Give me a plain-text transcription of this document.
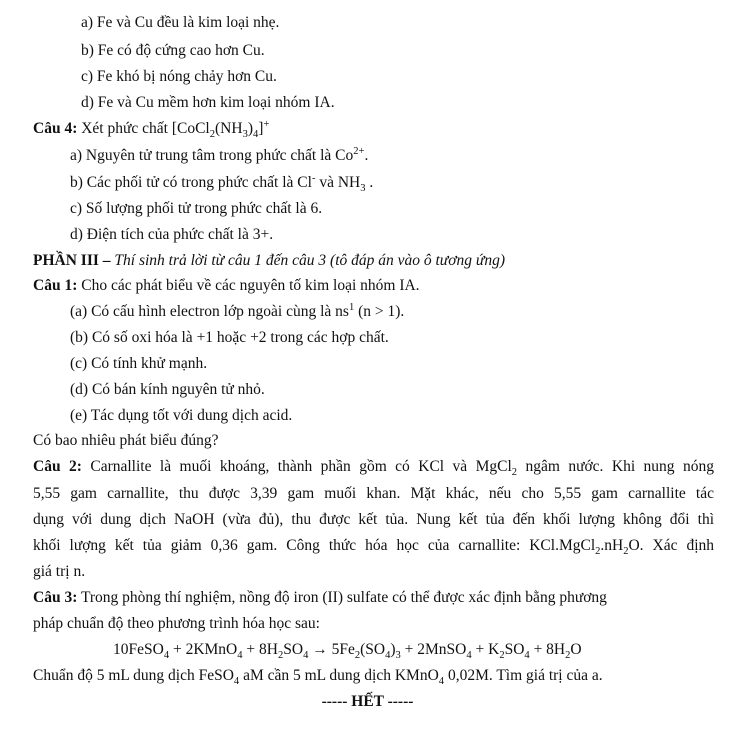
a) Fe và Cu đều là kim loại nhẹ.
b) Fe có độ cứng cao hơn Cu.
c) Fe khó bị nóng chảy hơn Cu.
d) Fe và Cu mềm hơn kim loại nhóm IA.
Câu 4: Xét phức chất $[CoCl_2(NH_3)_4]^+$
a) Nguyên tử trung tâm trong phức chất là $Co^{2+}$.
b) Các phối tử có trong phức chất là Cl- và $NH_3$ .
c) Số lượng phối tử trong phức chất là 6.
d) Điện tích của phức chất là 3+.
PHẦN III – Thí sinh trả lời từ câu 1 đến câu 3 (tô đáp án vào ô tương ứng)
Câu 1: Cho các phát biểu về các nguyên tố kim loại nhóm IA.
(a) Có cấu hình electron lớp ngoài cùng là $ns^1$ (n > 1).
(b) Có số oxi hóa là +1 hoặc +2 trong các hợp chất.
(c) Có tính khử mạnh.
(d) Có bán kính nguyên tử nhỏ.
(e) Tác dụng tốt với dung dịch acid.
Có bao nhiêu phát biểu đúng?
Câu 2: Carnallite là muối khoáng, thành phần gồm có KCl và MgCl$_2$ ngâm nước. Khi nung nóng
5,55 gam carnallite, thu được 3,39 gam muối khan. Mặt khác, nếu cho 5,55 gam carnallite tác
dụng với dung dịch NaOH (vừa đủ), thu được kết tủa. Nung kết tủa đến khối lượng không đổi thì
khối lượng kết tủa giảm 0,36 gam. Công thức hóa học của carnallite: $KCl.MgCl_2.nH_2O$. Xác định
giá trị n.
Câu 3: Trong phòng thí nghiệm, nồng độ iron (II) sulfate có thể được xác định bằng phương
pháp chuẩn độ theo phương trình hóa học sau:
10FeSO$_4$ + 2KMnO$_4$ + $8H_2SO_4 \to 5Fe_2(SO_4)_3$ + 2MnSO$_4$ + $K_2SO_4 + 8H_2O$
Chuẩn độ 5 mL dung dịch FeSO$_4$ aM cần 5 mL dung dịch KMnO$_4$ 0,02M. Tìm giá trị của a.
----- HẾT -----
